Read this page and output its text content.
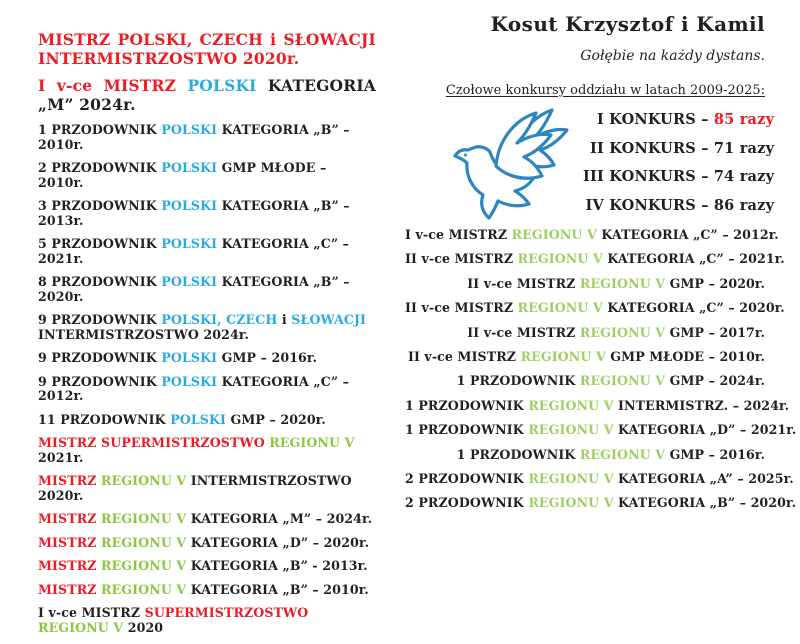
MISTRZ POLSKI, CZECH i SŁOWACJI INTERMISTRZOSTWO 2020r.
I v-ce MISTRZ POLSKI KATEGORIA „M” 2024r.
1 PRZODOWNIK POLSKI KATEGORIA „B” – 2010r.
2 PRZODOWNIK POLSKI GMP MŁODE – 2010r.
3 PRZODOWNIK POLSKI KATEGORIA „B” – 2013r.
5 PRZODOWNIK POLSKI KATEGORIA „C” – 2021r.
8 PRZODOWNIK POLSKI KATEGORIA „B” – 2020r.
9 PRZODOWNIK POLSKI, CZECH i SŁOWACJI INTERMISTRZOSTWO 2024r.
9 PRZODOWNIK POLSKI GMP – 2016r.
9 PRZODOWNIK POLSKI KATEGORIA „C” – 2012r.
11 PRZODOWNIK POLSKI GMP – 2020r.
MISTRZ SUPERMISTRZOSTWO REGIONU V 2021r.
MISTRZ REGIONU V INTERMISTRZOSTWO 2020r.
MISTRZ REGIONU V KATEGORIA „M” – 2024r.
MISTRZ REGIONU V KATEGORIA „D” – 2020r.
MISTRZ REGIONU V KATEGORIA „B” - 2013r.
MISTRZ REGIONU V KATEGORIA „B” – 2010r.
I v-ce MISTRZ SUPERMISTRZOSTWO REGIONU V 2020
Kosut Krzysztof i Kamil
Gołębie na każdy dystans.
Czołowe konkursy oddziału w latach 2009-2025:
I KONKURS – 85 razy
II KONKURS – 71 razy
III KONKURS – 74 razy
IV KONKURS – 86 razy
I v-ce MISTRZ REGIONU V KATEGORIA „C” – 2012r.
II v-ce MISTRZ REGIONU V KATEGORIA „C” – 2021r.
II v-ce MISTRZ REGIONU V GMP – 2020r.
II v-ce MISTRZ REGIONU V KATEGORIA „C” – 2020r.
II v-ce MISTRZ REGIONU V GMP – 2017r.
II v-ce MISTRZ REGIONU V GMP MŁODE – 2010r.
1 PRZODOWNIK REGIONU V GMP – 2024r.
1 PRZODOWNIK REGIONU V INTERMISTRZ. – 2024r.
1 PRZODOWNIK REGIONU V KATEGORIA „D” – 2021r.
1 PRZODOWNIK REGIONU V GMP – 2016r.
2 PRZODOWNIK REGIONU V KATEGORIA „A” – 2025r.
2 PRZODOWNIK REGIONU V KATEGORIA „B” – 2020r.
